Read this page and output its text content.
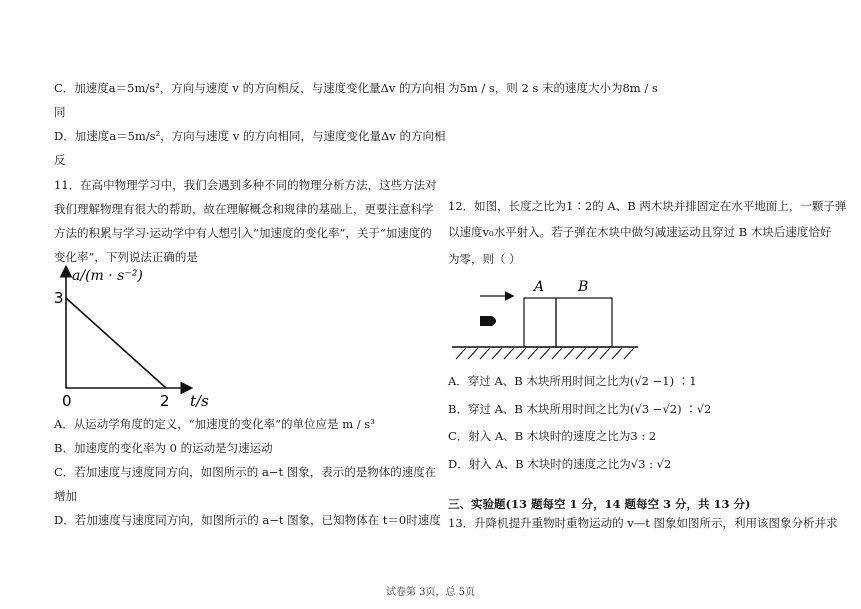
C．加速度a＝5m/s²，方向与速度 v 的方向相反，与速度变化量Δv 的方向相
同
D．加速度a＝5m/s²，方向与速度 v 的方向相同，与速度变化量Δv 的方向相
反
11．在高中物理学习中，我们会遇到多种不同的物理分析方法，这些方法对
我们理解物理有很大的帮助，故在理解概念和规律的基础上，更要注意科学
方法的积累与学习·运动学中有人想引入“加速度的变化率”，关于“加速度的
变化率”，下列说法正确的是
a/(m · s⁻²)
3
0	2 t/s
A．从运动学角度的定义，“加速度的变化率”的单位应是 m / s³
B．加速度的变化率为 0 的运动是匀速运动
C．若加速度与速度同方向，如图所示的 a−t 图象，表示的是物体的速度在
增加
D．若加速度与速度同方向，如图所示的 a−t 图象，已知物体在 t＝0时速度
为5m / s，则 2 s 末的速度大小为8m / s
12．如图，长度之比为1∶2的 A、B 两木块并排固定在水平地面上，一颗子弹
以速度v₀水平射入。若子弹在木块中做匀减速运动且穿过 B 木块后速度恰好
为零，则（ ）
A B
A．穿过 A、B 木块所用时间之比为(√2 −1) ∶1
B．穿过 A、B 木块所用时间之比为(√3 −√2) ∶√2
C．射入 A、B 木块时的速度之比为3 : 2
D．射入 A、B 木块时的速度之比为√3 : √2
三、实验题(13 题每空 1 分，14 题每空 3 分，共 13 分)
13．升降机提升重物时重物运动的 v—t 图象如图所示，利用该图象分析并求
试卷第 3页，总 5页
